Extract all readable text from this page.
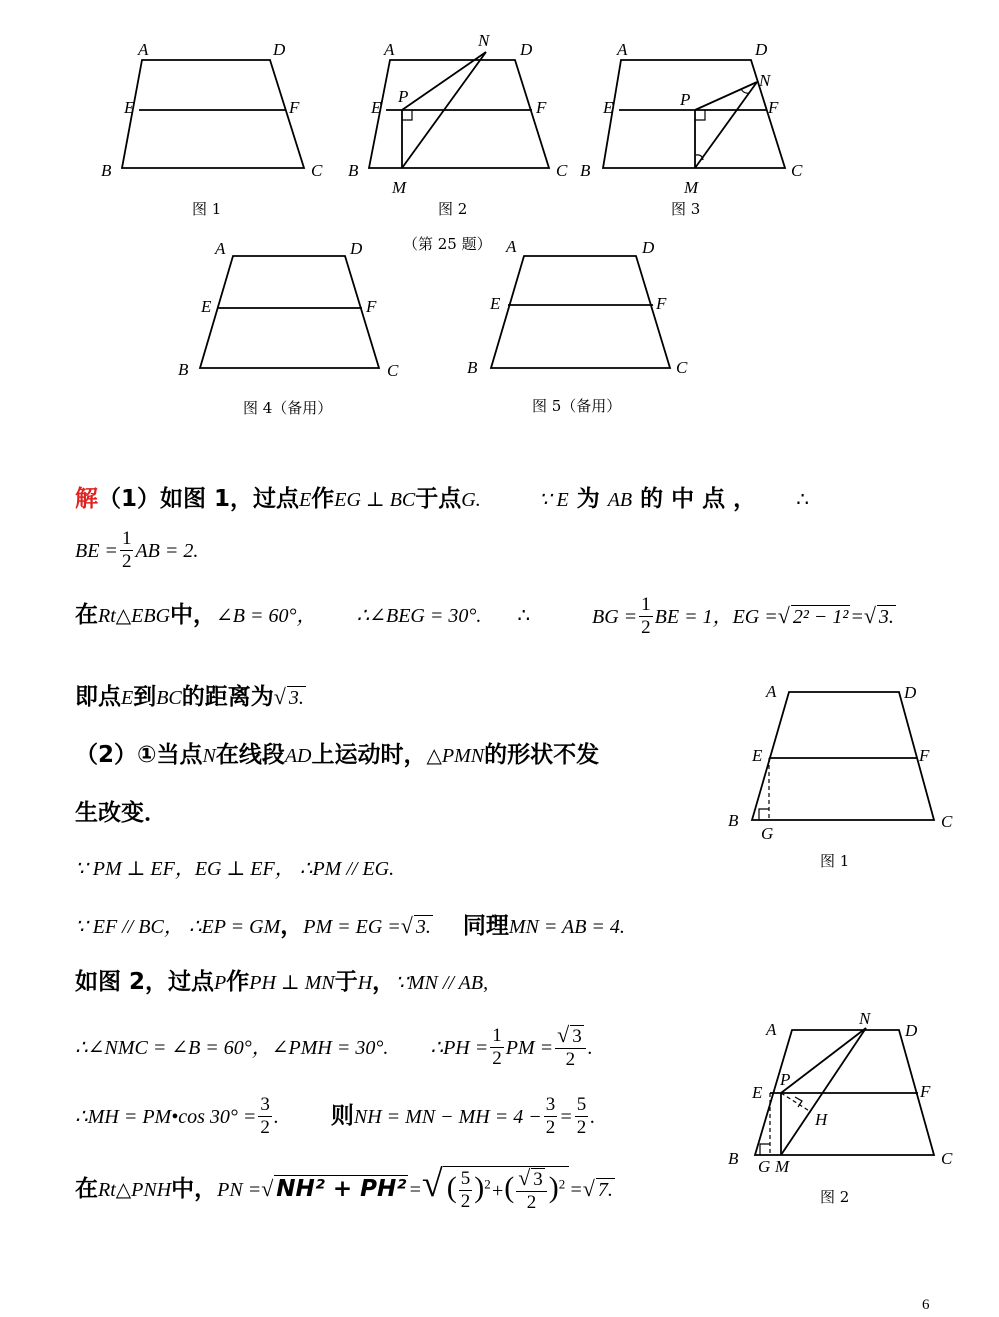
A	D
E	F
B	C
图 1
A	N D
E
P
F
B
M
C
图 2
A	D
N
E	P	F
B
M
C
图 3
（第 25 题）
A	D
E	F
B	C
图 4（备用）
A	D
E	F
B	C
图 5（备用）
A	D
E	F
B
G
C
图 1
A
N
D
E
P
F
H
B G M	C
图 2
解（1）如图 1，过点E作EG ⊥ BC于点G.	∵ E 为 AB 的 中 点 ， ∴
BE = $\frac{1}{2}$ AB = 2.
在Rt△EBG中，∠B = 60°， ∴∠BEG = 30°. ∴	BG = $\frac{1}{2}$ BE = 1，EG =√ 2² − 1² =√ 3.
即点E到BC的距离为√ 3.
（2）①当点N在线段AD上运动时，△PMN的形状不发
生改变．
∵ PM ⊥ EF，EG ⊥ EF， ∴PM // EG.
∵ EF // BC， ∴EP = GM，PM = EG =√ 3. 同理MN = AB = 4.
如图 2，过点P作PH ⊥ MN于H，∵MN // AB,
∴∠NMC = ∠B = 60°，∠PMH = 30°. ∴PH = $\frac{1}{2}$ PM = $\frac{√ 3}{2}$ .
∴MH = PM•cos $30^\circ = \frac{3}{2}$ . 则NH = MN − MH = $4 - \frac{3}{2} = \frac{5}{2}$ .
在Rt△PNH中，PN =√ NH² + PH² =√ ( $\frac{5}{2} )^2+( \frac{√ 3}{2} )^2$ =√ 7.
6
